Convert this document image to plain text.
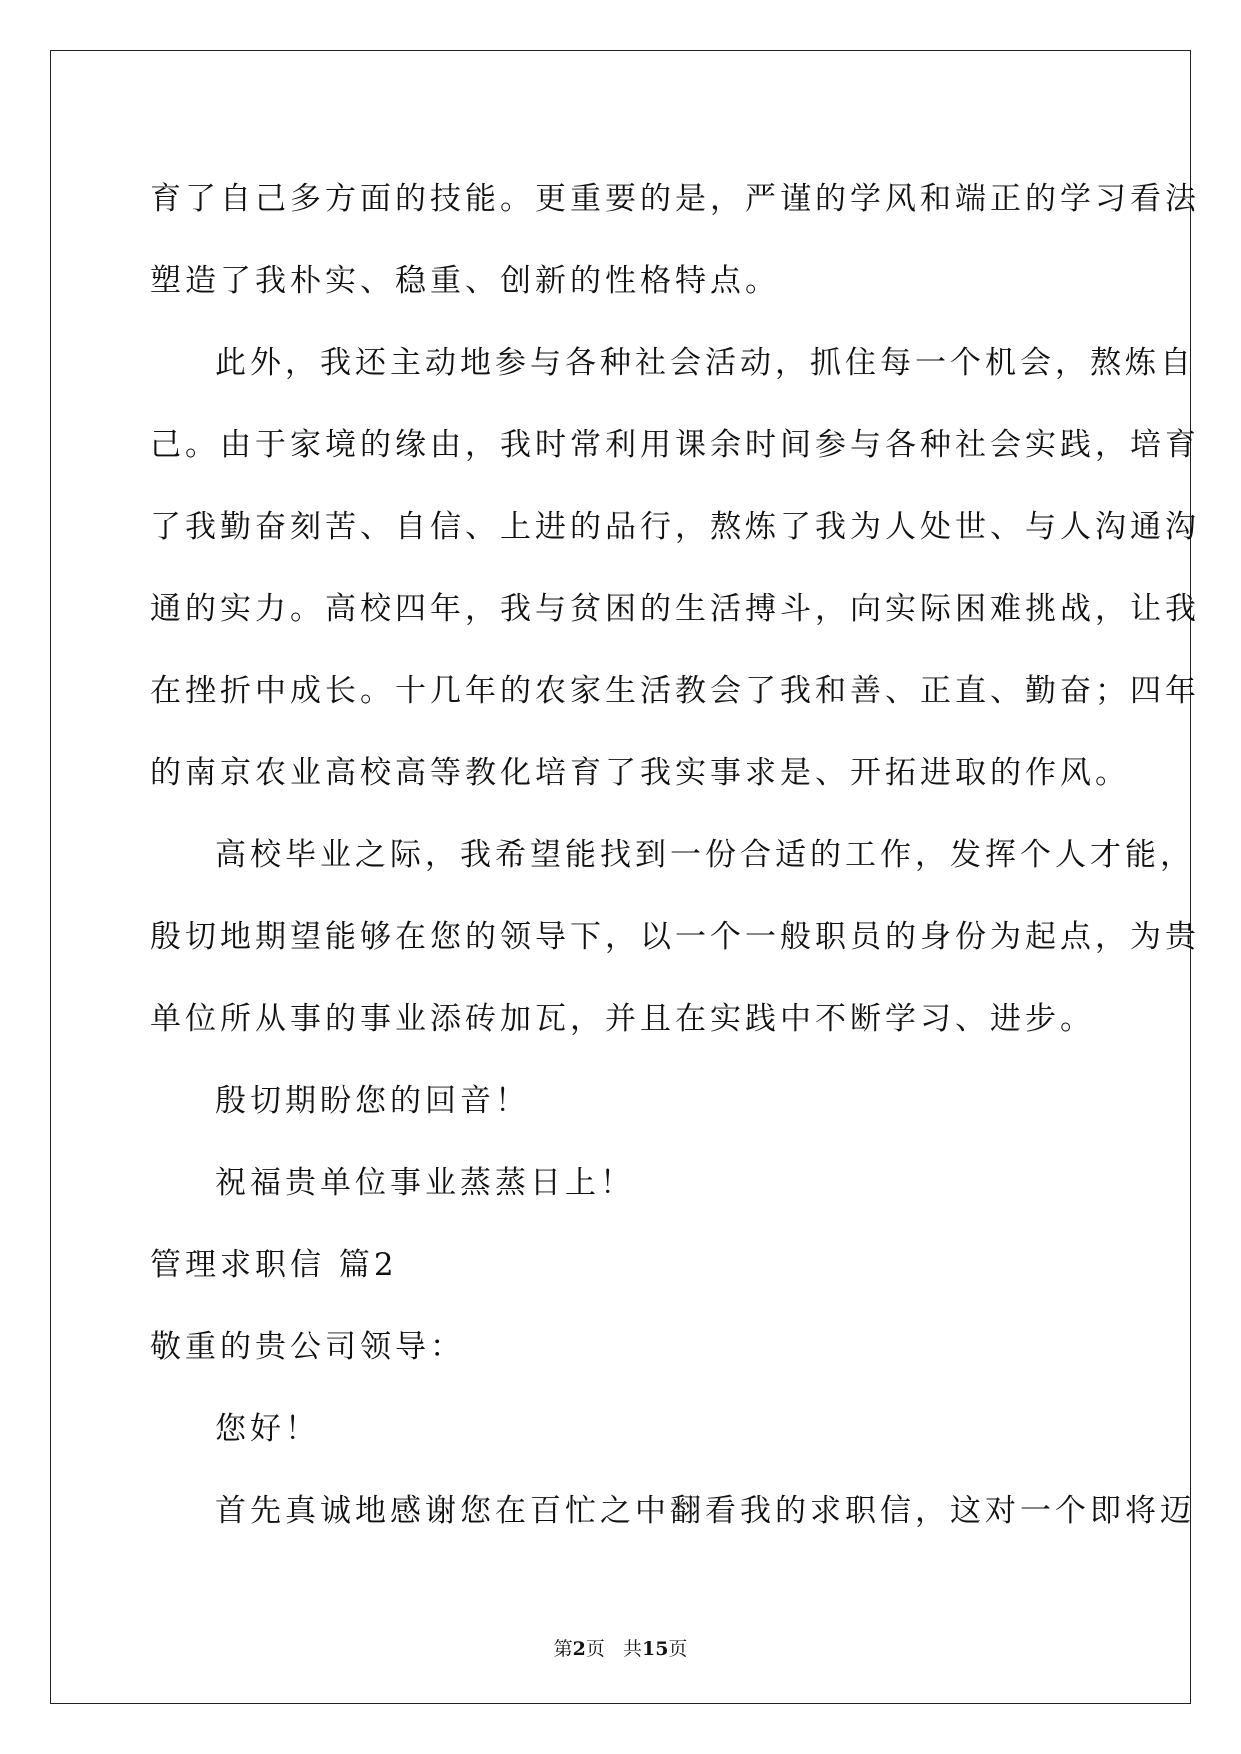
育了自己多方面的技能。更重要的是，严谨的学风和端正的学习看法
塑造了我朴实、稳重、创新的性格特点。
此外，我还主动地参与各种社会活动，抓住每一个机会，熬炼自
己。由于家境的缘由，我时常利用课余时间参与各种社会实践，培育
了我勤奋刻苦、自信、上进的品行，熬炼了我为人处世、与人沟通沟
通的实力。高校四年，我与贫困的生活搏斗，向实际困难挑战，让我
在挫折中成长。十几年的农家生活教会了我和善、正直、勤奋；四年
的南京农业高校高等教化培育了我实事求是、开拓进取的作风。
高校毕业之际，我希望能找到一份合适的工作，发挥个人才能，
殷切地期望能够在您的领导下，以一个一般职员的身份为起点，为贵
单位所从事的事业添砖加瓦，并且在实践中不断学习、进步。
殷切期盼您的回音！
祝福贵单位事业蒸蒸日上！
管理求职信 篇2
敬重的贵公司领导：
您好！
首先真诚地感谢您在百忙之中翻看我的求职信，这对一个即将迈
第2页 共15页
